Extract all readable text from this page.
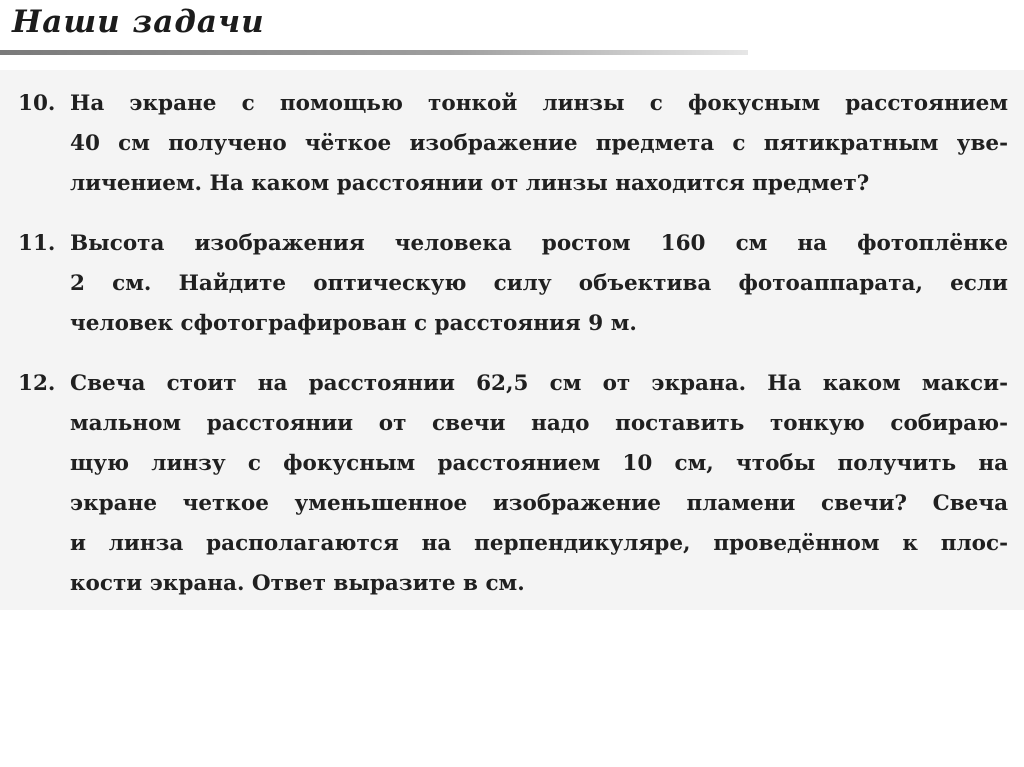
Наши задачи
10. На экране с помощью тонкой линзы с фокусным расстоянием
40 см получено чёткое изображение предмета с пятикратным уве-
личением. На каком расстоянии от линзы находится предмет?
11. Высота изображения человека ростом 160 см на фотоплёнке
2 см. Найдите оптическую силу объектива фотоаппарата, если
человек сфотографирован с расстояния 9 м.
12. Свеча стоит на расстоянии 62,5 см от экрана. На каком макси-
мальном расстоянии от свечи надо поставить тонкую собираю-
щую линзу с фокусным расстоянием 10 см, чтобы получить на
экране четкое уменьшенное изображение пламени свечи? Свеча
и линза располагаются на перпендикуляре, проведённом к плос-
кости экрана. Ответ выразите в см.
